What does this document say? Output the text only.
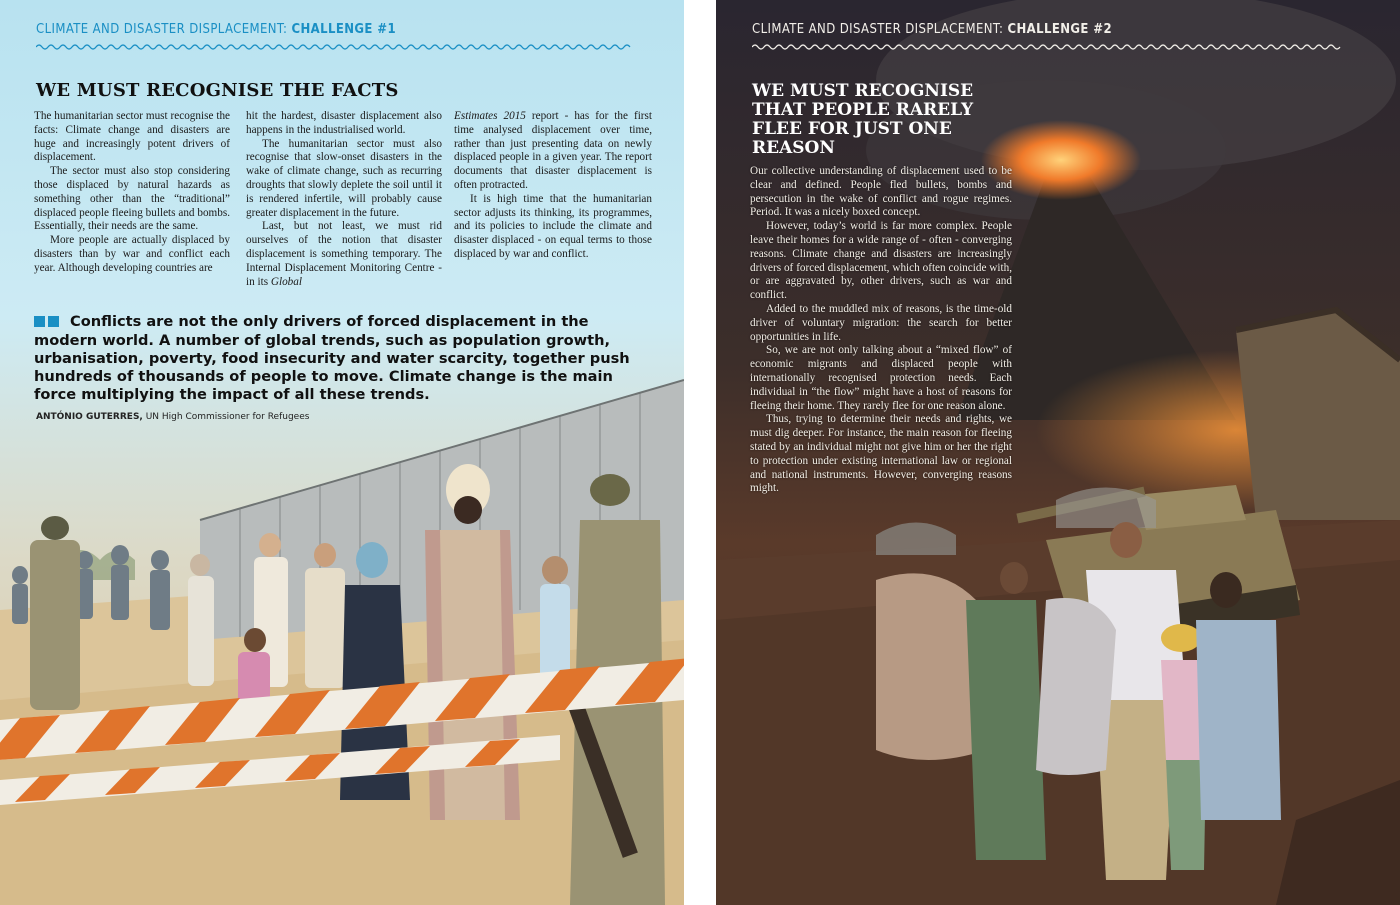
CLIMATE AND DISASTER DISPLACEMENT: CHALLENGE #1
WE MUST RECOGNISE THE FACTS

The humanitarian sector must recognise the facts: Climate change and disasters are huge and increasingly potent drivers of displacement.

The sector must also stop considering those displaced by natural hazards as something other than the “traditional” displaced people fleeing bullets and bombs. Essentially, their needs are the same.

More people are actually displaced by disasters than by war and conflict each year. Although developing countries are

hit the hardest, disaster displacement also happens in the industrialised world.

The humanitarian sector must also recognise that slow-onset disasters in the wake of climate change, such as recurring droughts that slowly deplete the soil until it is rendered infertile, will probably cause greater displacement in the future.

Last, but not least, we must rid ourselves of the notion that disaster displacement is something temporary. The Internal Displacement Monitoring Centre - in its Global

Estimates 2015 report - has for the first time analysed displacement over time, rather than just presenting data on newly displaced people in a given year. The report documents that disaster displacement is often protracted.

It is high time that the humanitarian sector adjusts its thinking, its programmes, and its policies to include the climate and disaster displaced - on equal terms to those displaced by war and conflict.

Conflicts are not the only drivers of forced displacement in the modern world. A number of global trends, such as population growth, urbanisation, poverty, food insecurity and water scarcity, together push hundreds of thousands of people to move. Climate change is the main force multiplying the impact of all these trends.

ANTÓNIO GUTERRES, UN High Commissioner for Refugees
CLIMATE AND DISASTER DISPLACEMENT: CHALLENGE #2
WE MUST RECOGNISE THAT PEOPLE RARELY FLEE FOR JUST ONE REASON

Our collective understanding of displacement used to be clear and defined. People fled bullets, bombs and persecution in the wake of conflict and rogue regimes. Period. It was a nicely boxed concept.

However, today’s world is far more complex. People leave their homes for a wide range of - often - converging reasons. Climate change and disasters are increasingly drivers of forced displacement, which often coincide with, or are aggravated by, other drivers, such as war and conflict.

Added to the muddled mix of reasons, is the time-old driver of voluntary migration: the search for better opportunities in life.

So, we are not only talking about a “mixed flow” of economic migrants and displaced people with internationally recognised protection needs. Each individual in “the flow” might have a host of reasons for fleeing their home. They rarely flee for one reason alone.

Thus, trying to determine their needs and rights, we must dig deeper. For instance, the main reason for fleeing stated by an individual might not give him or her the right to protection under existing international law or regional and national instruments. However, converging reasons might.
